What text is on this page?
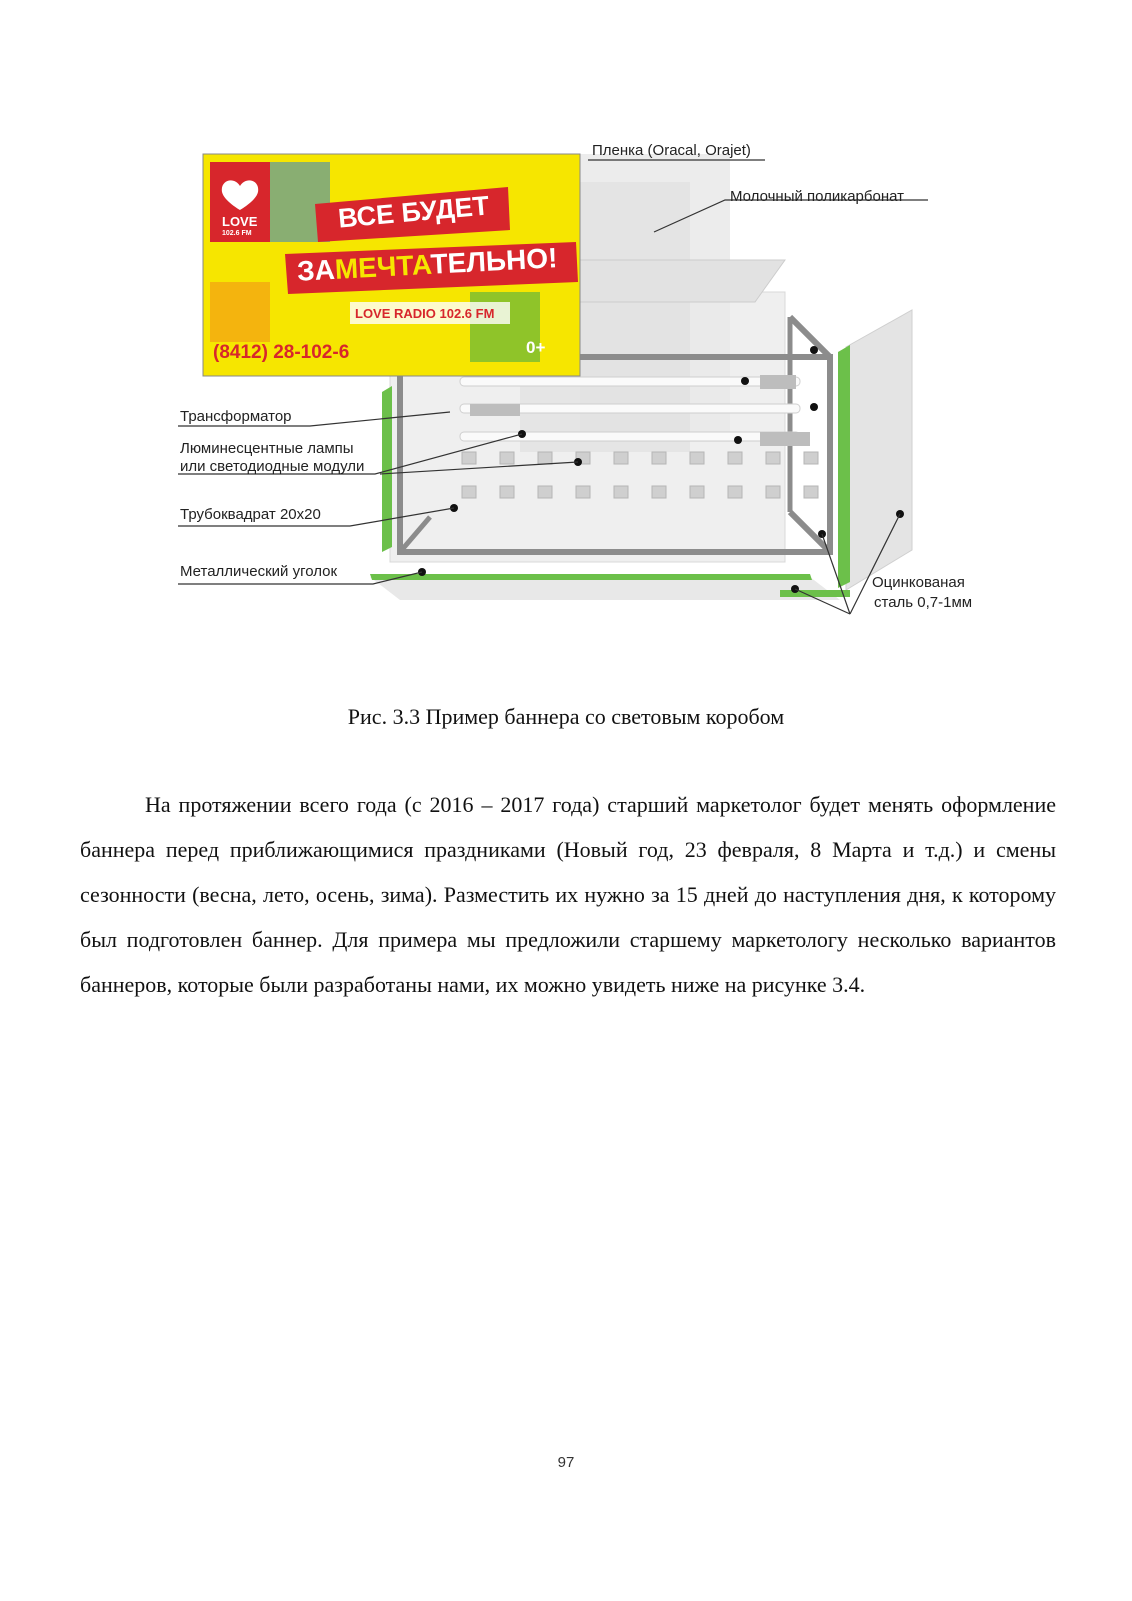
LOVE
102.6 FM	ВСЕ БУДЕТ
ЗАМЕЧТАТЕЛЬНО!
LOVE RADIO 102.6 FM
(8412) 28-102-6	0+
Пленка (Oracal, Orajet)
Молочный поликарбонат
Трансформатор
Люминесцентные лампы
или светодиодные модули
Трубоквадрат 20х20
Металлический уголок
Оцинкованая
сталь 0,7-1мм
Рис. 3.3 Пример баннера со световым коробом

На протяжении всего года (с 2016 – 2017 года) старший маркетолог будет менять оформление баннера перед приближающимися праздниками (Новый год, 23 февраля, 8 Марта и т.д.) и смены сезонности (весна, лето, осень, зима). Разместить их нужно за 15 дней до наступления дня, к которому был подготовлен баннер. Для примера мы предложили старшему маркетологу несколько вариантов баннеров, которые были разработаны нами, их можно увидеть ниже на рисунке 3.4.

97
